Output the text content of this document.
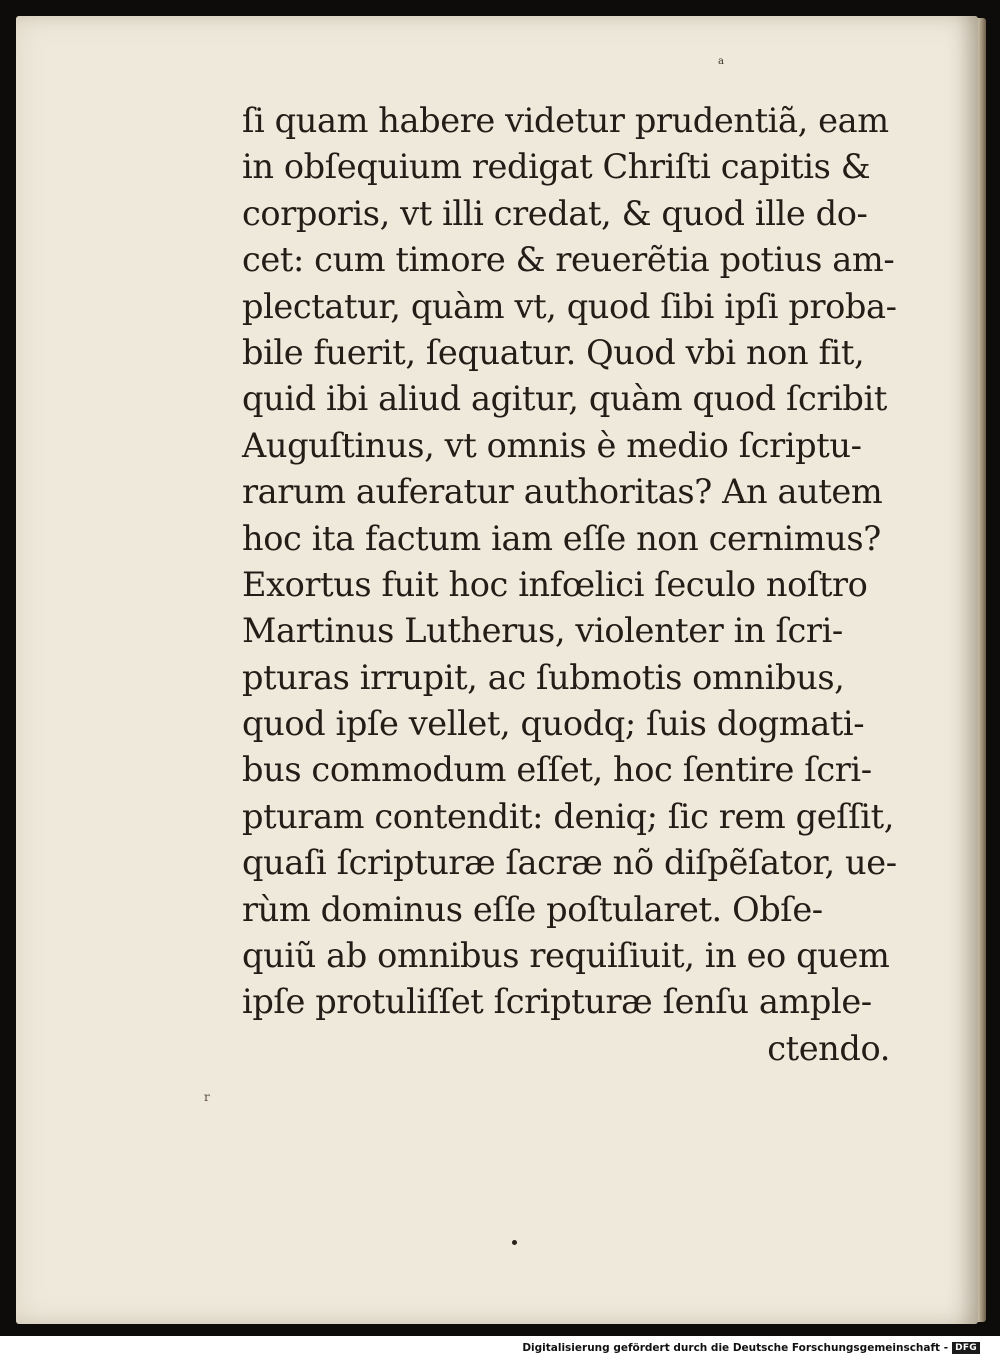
a
ſi quam habere videtur prudentiã, eam
in obſequium redigat Chriſti capitis &
corporis, vt illi credat, & quod ille do-
cet: cum timore & reuerẽtia potius am-
plectatur, quàm vt, quod ſibi ipſi proba-
bile fuerit, ſequatur. Quod vbi non fit,
quid ibi aliud agitur, quàm quod ſcribit
Auguſtinus, vt omnis è medio ſcriptu-
rarum auferatur authoritas? An autem
hoc ita factum iam eſſe non cernimus?
Exortus fuit hoc infœlici ſeculo noſtro
Martinus Lutherus, violenter in ſcri-
pturas irrupit, ac ſubmotis omnibus,
quod ipſe vellet, quodq; ſuis dogmati-
bus commodum eſſet, hoc ſentire ſcri-
pturam contendit: deniq; ſic rem geſſit,
quaſi ſcripturæ ſacræ nõ diſpẽſator, ue-
rùm dominus eſſe poſtularet. Obſe-
quiũ ab omnibus requiſiuit, in eo quem
ipſe protuliſſet ſcripturæ ſenſu ample-
ctendo.
r
Digitalisierung gefördert durch die Deutsche Forschungsgemeinschaft - DFG
